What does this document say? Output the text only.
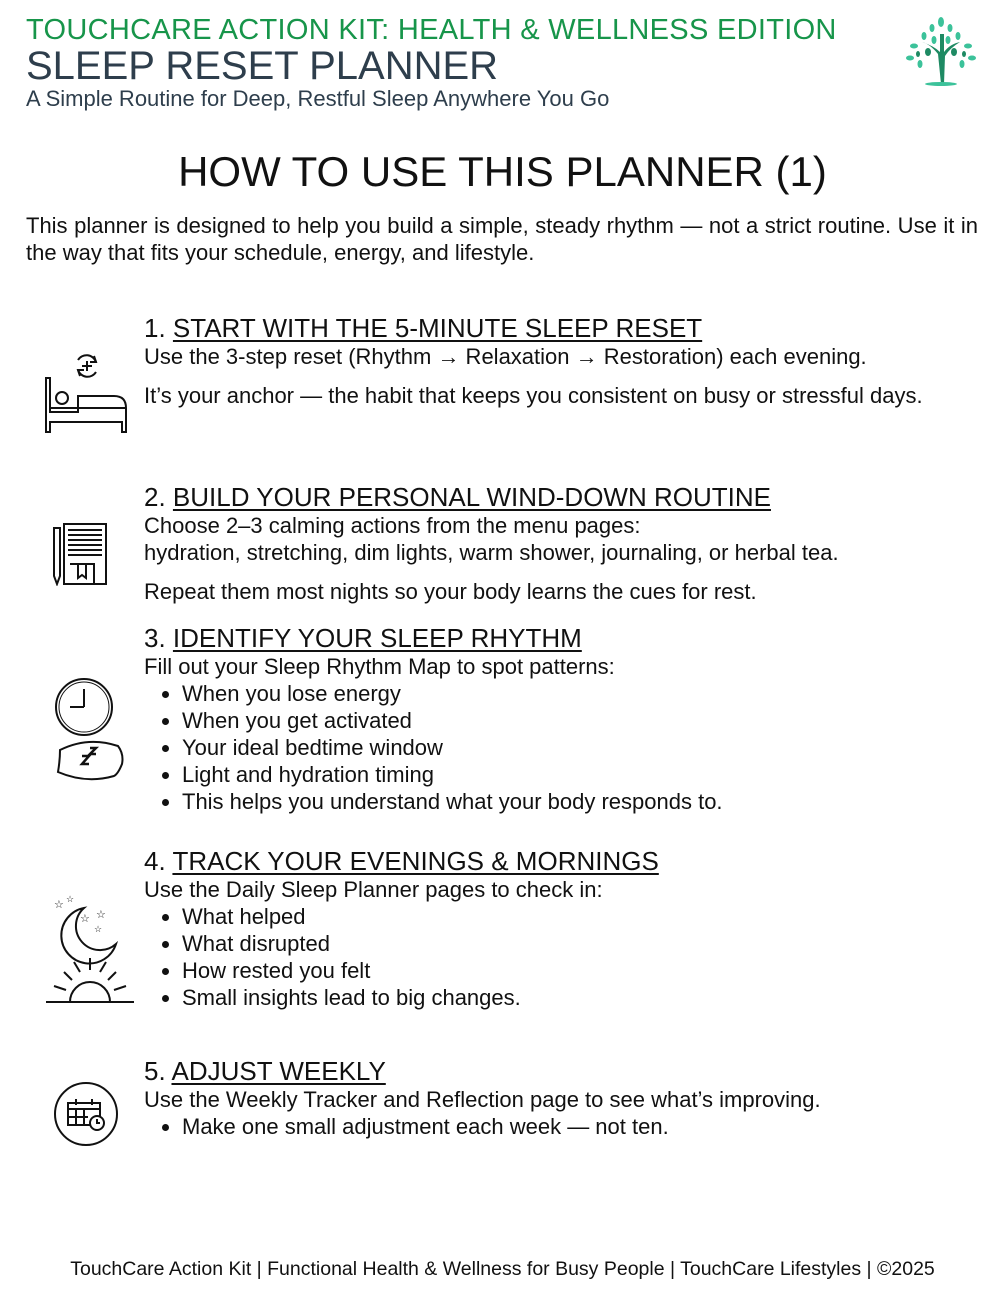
TOUCHCARE ACTION KIT: HEALTH & WELLNESS EDITION
SLEEP RESET PLANNER
A Simple Routine for Deep, Restful Sleep Anywhere You Go
HOW TO USE THIS PLANNER (1)
This planner is designed to help you build a simple, steady rhythm — not a strict routine. Use it in the way that fits your schedule, energy, and lifestyle.
1. START WITH THE 5-MINUTE SLEEP RESET

Use the 3-step reset (Rhythm → Relaxation → Restoration) each evening.

It’s your anchor — the habit that keeps you consistent on busy or stressful days.

2. BUILD YOUR PERSONAL WIND-DOWN ROUTINE

Choose 2–3 calming actions from the menu pages:

hydration, stretching, dim lights, warm shower, journaling, or herbal tea.

Repeat them most nights so your body learns the cues for rest.

3. IDENTIFY YOUR SLEEP RHYTHM

Fill out your Sleep Rhythm Map to spot patterns:

• When you lose energy
• When you get activated
• Your ideal bedtime window
• Light and hydration timing
• This helps you understand what your body responds to.
☆ ☆
☆ ☆
☆
4. TRACK YOUR EVENINGS & MORNINGS

Use the Daily Sleep Planner pages to check in:

• What helped
• What disrupted
• How rested you felt
• Small insights lead to big changes.
5. ADJUST WEEKLY

Use the Weekly Tracker and Reflection page to see what’s improving.

• Make one small adjustment each week — not ten.
TouchCare Action Kit | Functional Health & Wellness for Busy People | TouchCare Lifestyles | ©2025
